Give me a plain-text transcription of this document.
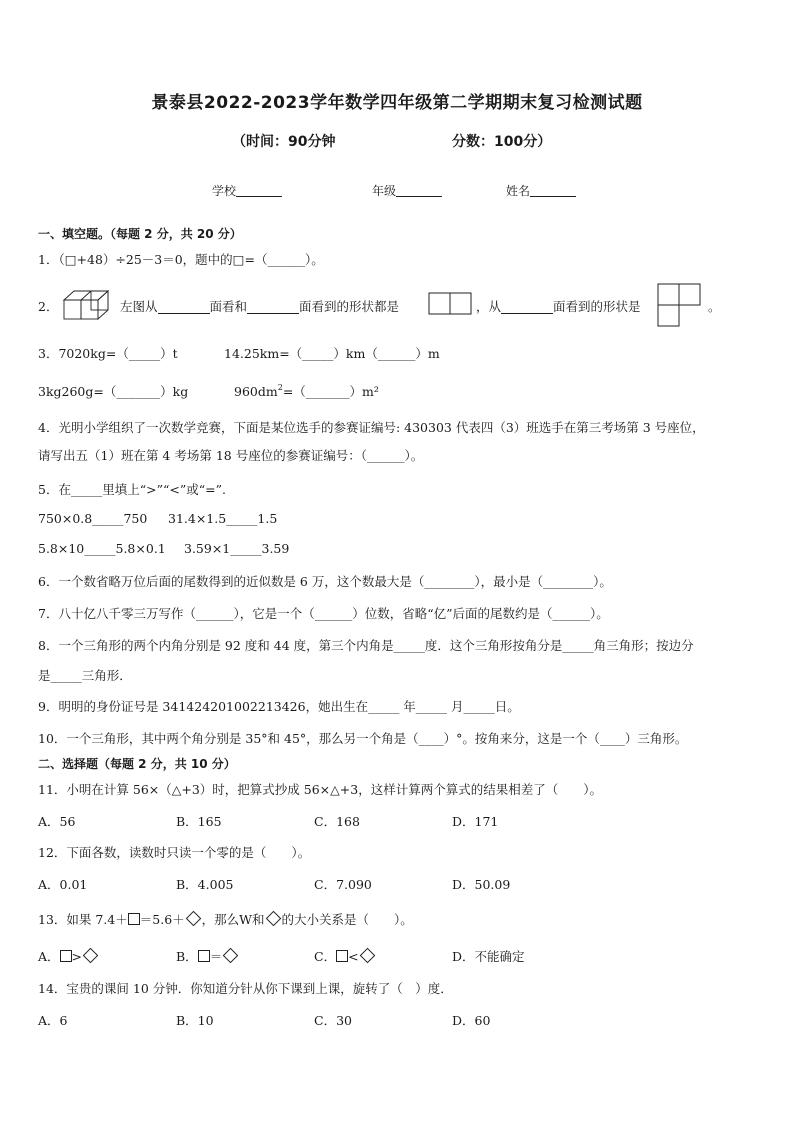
景泰县2022-2023学年数学四年级第二学期期末复习检测试题
（时间：90分钟	分数：100分）
学校	年级	姓名
一、填空题。（每题 2 分，共 20 分）
1．（□+48）÷25－3＝0，题中的□=（______）。
2．	左图从	面看和	面看到的形状都是	，从	面看到的形状是	。
3．7020kg=（_____）t	14.25km=（_____）km（______）m
3kg260g=（_______）kg	$960dm^2=(\_\_\_\_\_\_\_)m^2$
4．光明小学组织了一次数学竞赛，下面是某位选手的参赛证编号: 430303 代表四（3）班选手在第三考场第 3 号座位，
请写出五（1）班在第 4 考场第 18 号座位的参赛证编号：（______）。
5．在_____里填上“>”“<”或“=”.
750×0.8_____750 31.4×1.5_____1.5
5.8×10_____5.8×0.1 3.59×1_____3.59
6．一个数省略万位后面的尾数得到的近似数是 6 万，这个数最大是（________），最小是（________）。
7．八十亿八千零三万写作（______），它是一个（______）位数，省略“亿”后面的尾数约是（______）。
8．一个三角形的两个内角分别是 92 度和 44 度，第三个内角是_____度．这个三角形按角分是_____角三角形；按边分
是_____三角形．
9．明明的身份证号是 341424201002213426，她出生在_____ 年_____ 月_____日。
10．一个三角形，其中两个角分别是 35°和 45°，那么另一个角是（____）°。按角来分，这是一个（____）三角形。
二、选择题（每题 2 分，共 10 分）
11．小明在计算 56×（△+3）时，把算式抄成 56×△+3，这样计算两个算式的结果相差了（　　）。
A．56	B．165	C．168	D．171
12．下面各数，读数时只读一个零的是（　　）。
A．0.01	B．4.005	C．7.090	D．50.09
13．如果 7.4＋ ＝5.6＋ ，那么W和 的大小关系是（　　）。
A． >	B． ＝	C． <	D．不能确定
14．宝贵的课间 10 分钟．你知道分针从你下课到上课，旋转了（　）度．
A．6	B．10	C．30	D．60
